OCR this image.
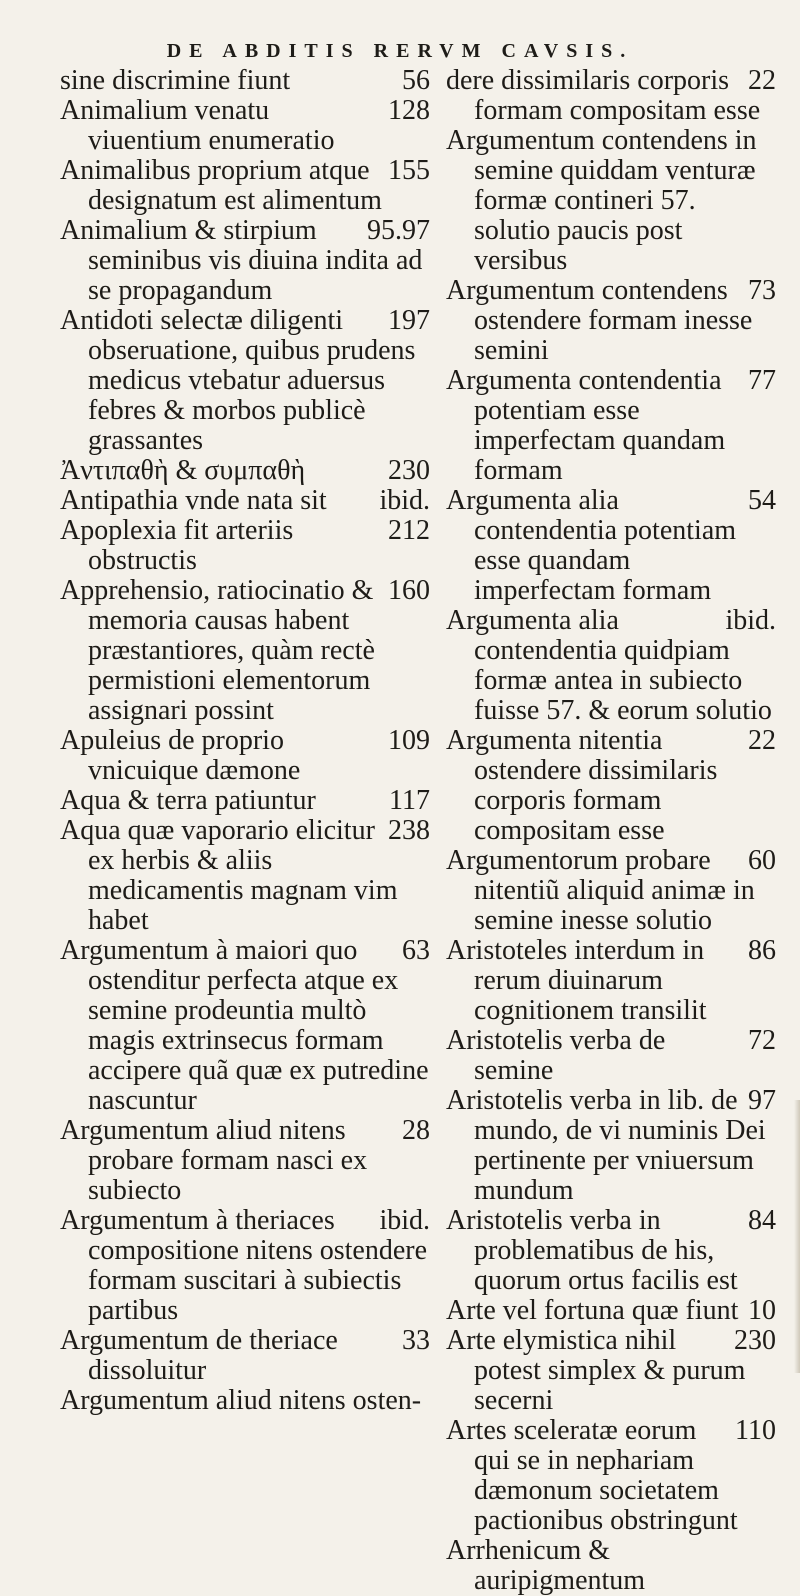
DE ABDITIS RERVM CAVSIS.

56
sine discrimine fiunt

128
Animalium venatu viuentium enumeratio

155
Animalibus proprium atque designatum est alimentum

95.97
Animalium & stirpium seminibus vis diuina indita ad se propagandum

197
Antidoti selectæ diligenti obseruatione, quibus prudens medicus vtebatur aduersus febres & morbos publicè grassantes

230
Ἀντιπαθὴ & συμπαθὴ

ibid.
Antipathia vnde nata sit

212
Apoplexia fit arteriis obstructis

160
Apprehensio, ratiocinatio & memoria causas habent præstantiores, quàm rectè permistioni elementorum assignari possint

109
Apuleius de proprio vnicuique dæmone

117
Aqua & terra patiuntur

238
Aqua quæ vaporario elicitur ex herbis & aliis medicamentis magnam vim habet

63
Argumentum à maiori quo ostenditur perfecta atque ex semine prodeuntia multò magis extrinsecus formam accipere quã quæ ex putredine nascuntur

28
Argumentum aliud nitens probare formam nasci ex subiecto

ibid.
Argumentum à theriaces compositione nitens ostendere formam suscitari à subiectis partibus

33
Argumentum de theriace dissoluitur

Argumentum aliud nitens osten-

22
dere dissimilaris corporis formam compositam esse

Argumentum contendens in semine quiddam venturæ formæ contineri 57. solutio paucis post versibus

73
Argumentum contendens ostendere formam inesse semini

77
Argumenta contendentia potentiam esse imperfectam quandam formam

54
Argumenta alia contendentia potentiam esse quandam imperfectam formam

ibid.
Argumenta alia contendentia quidpiam formæ antea in subiecto fuisse 57. & eorum solutio

22
Argumenta nitentia ostendere dissimilaris corporis formam compositam esse

60
Argumentorum probare nitentiũ aliquid animæ in semine inesse solutio

86
Aristoteles interdum in rerum diuinarum cognitionem transilit

72
Aristotelis verba de semine

97
Aristotelis verba in lib. de mundo, de vi numinis Dei pertinente per vniuersum mundum

84
Aristotelis verba in problematibus de his, quorum ortus facilis est

10
Arte vel fortuna quæ fiunt

230
Arte elymistica nihil potest simplex & purum secerni

110
Artes sceleratæ eorum qui se in nephariam dæmonum societatem pactionibus obstringunt

Arrhenicum & auripigmentum
